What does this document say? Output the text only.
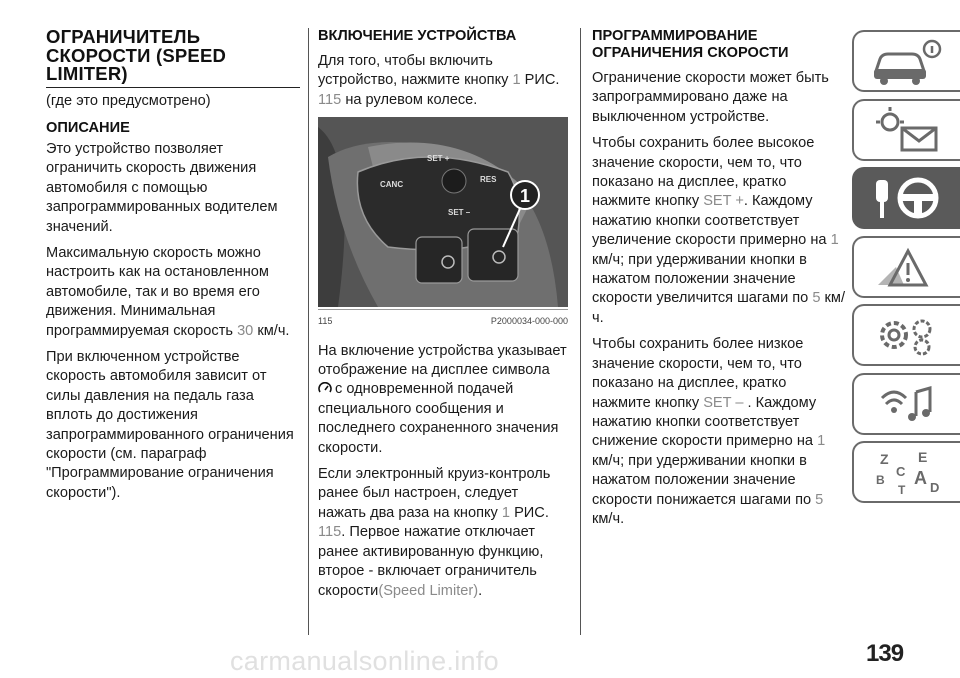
ОГРАНИЧИТЕЛЬ
СКОРОСТИ (SPEED
LIMITER)

(где это предусмотрено)

ОПИСАНИЕ

Это устройство позволяет ограничить скорость движения автомобиля с помощью запрограммированных водителем значений.

Максимальную скорость можно настроить как на остановленном автомобиле, так и во время его движения. Минимальная программируемая скорость 30 км/ч.

При включенном устройстве скорость автомобиля зависит от силы давления на педаль газа вплоть до достижения запрограммированного ограничения скорости (см. параграф "Программирование ограничения скорости").

ВКЛЮЧЕНИЕ УСТРОЙСТВА

Для того, чтобы включить устройство, нажмите кнопку 1 РИС. 115 на рулевом колесе.

SET +
CANC
RES
SET –
1
115	P2000034-000-000

На включение устройства указывает отображение на дисплее символа
с одновременной подачей специального сообщения и последнего сохраненного значения скорости.

Если электронный круиз-контроль ранее был настроен, следует нажать два раза на кнопку 1 РИС. 115. Первое нажатие отключает ранее активированную функцию, второе - включает ограничитель скорости(Speed Limiter).

ПРОГРАММИРОВАНИЕ
ОГРАНИЧЕНИЯ СКОРОСТИ

Ограничение скорости может быть запрограммировано даже на выключенном устройстве.

Чтобы сохранить более высокое значение скорости, чем то, что показано на дисплее, кратко нажмите кнопку SET +. Каждому нажатию кнопки соответствует увеличение скорости примерно на 1 км/ч; при удерживании кнопки в нажатом положении значение скорости увеличится шагами по 5 км/ч.

Чтобы сохранить более низкое значение скорости, чем то, что показано на дисплее, кратко нажмите кнопку SET – . Каждому нажатию кнопки соответствует снижение скорости примерно на 1 км/ч; при удерживании кнопки в нажатом положении значение скорости понижается шагами по 5 км/ч.

Z E
B
C
T
A D
carmanualsonline.info	139
